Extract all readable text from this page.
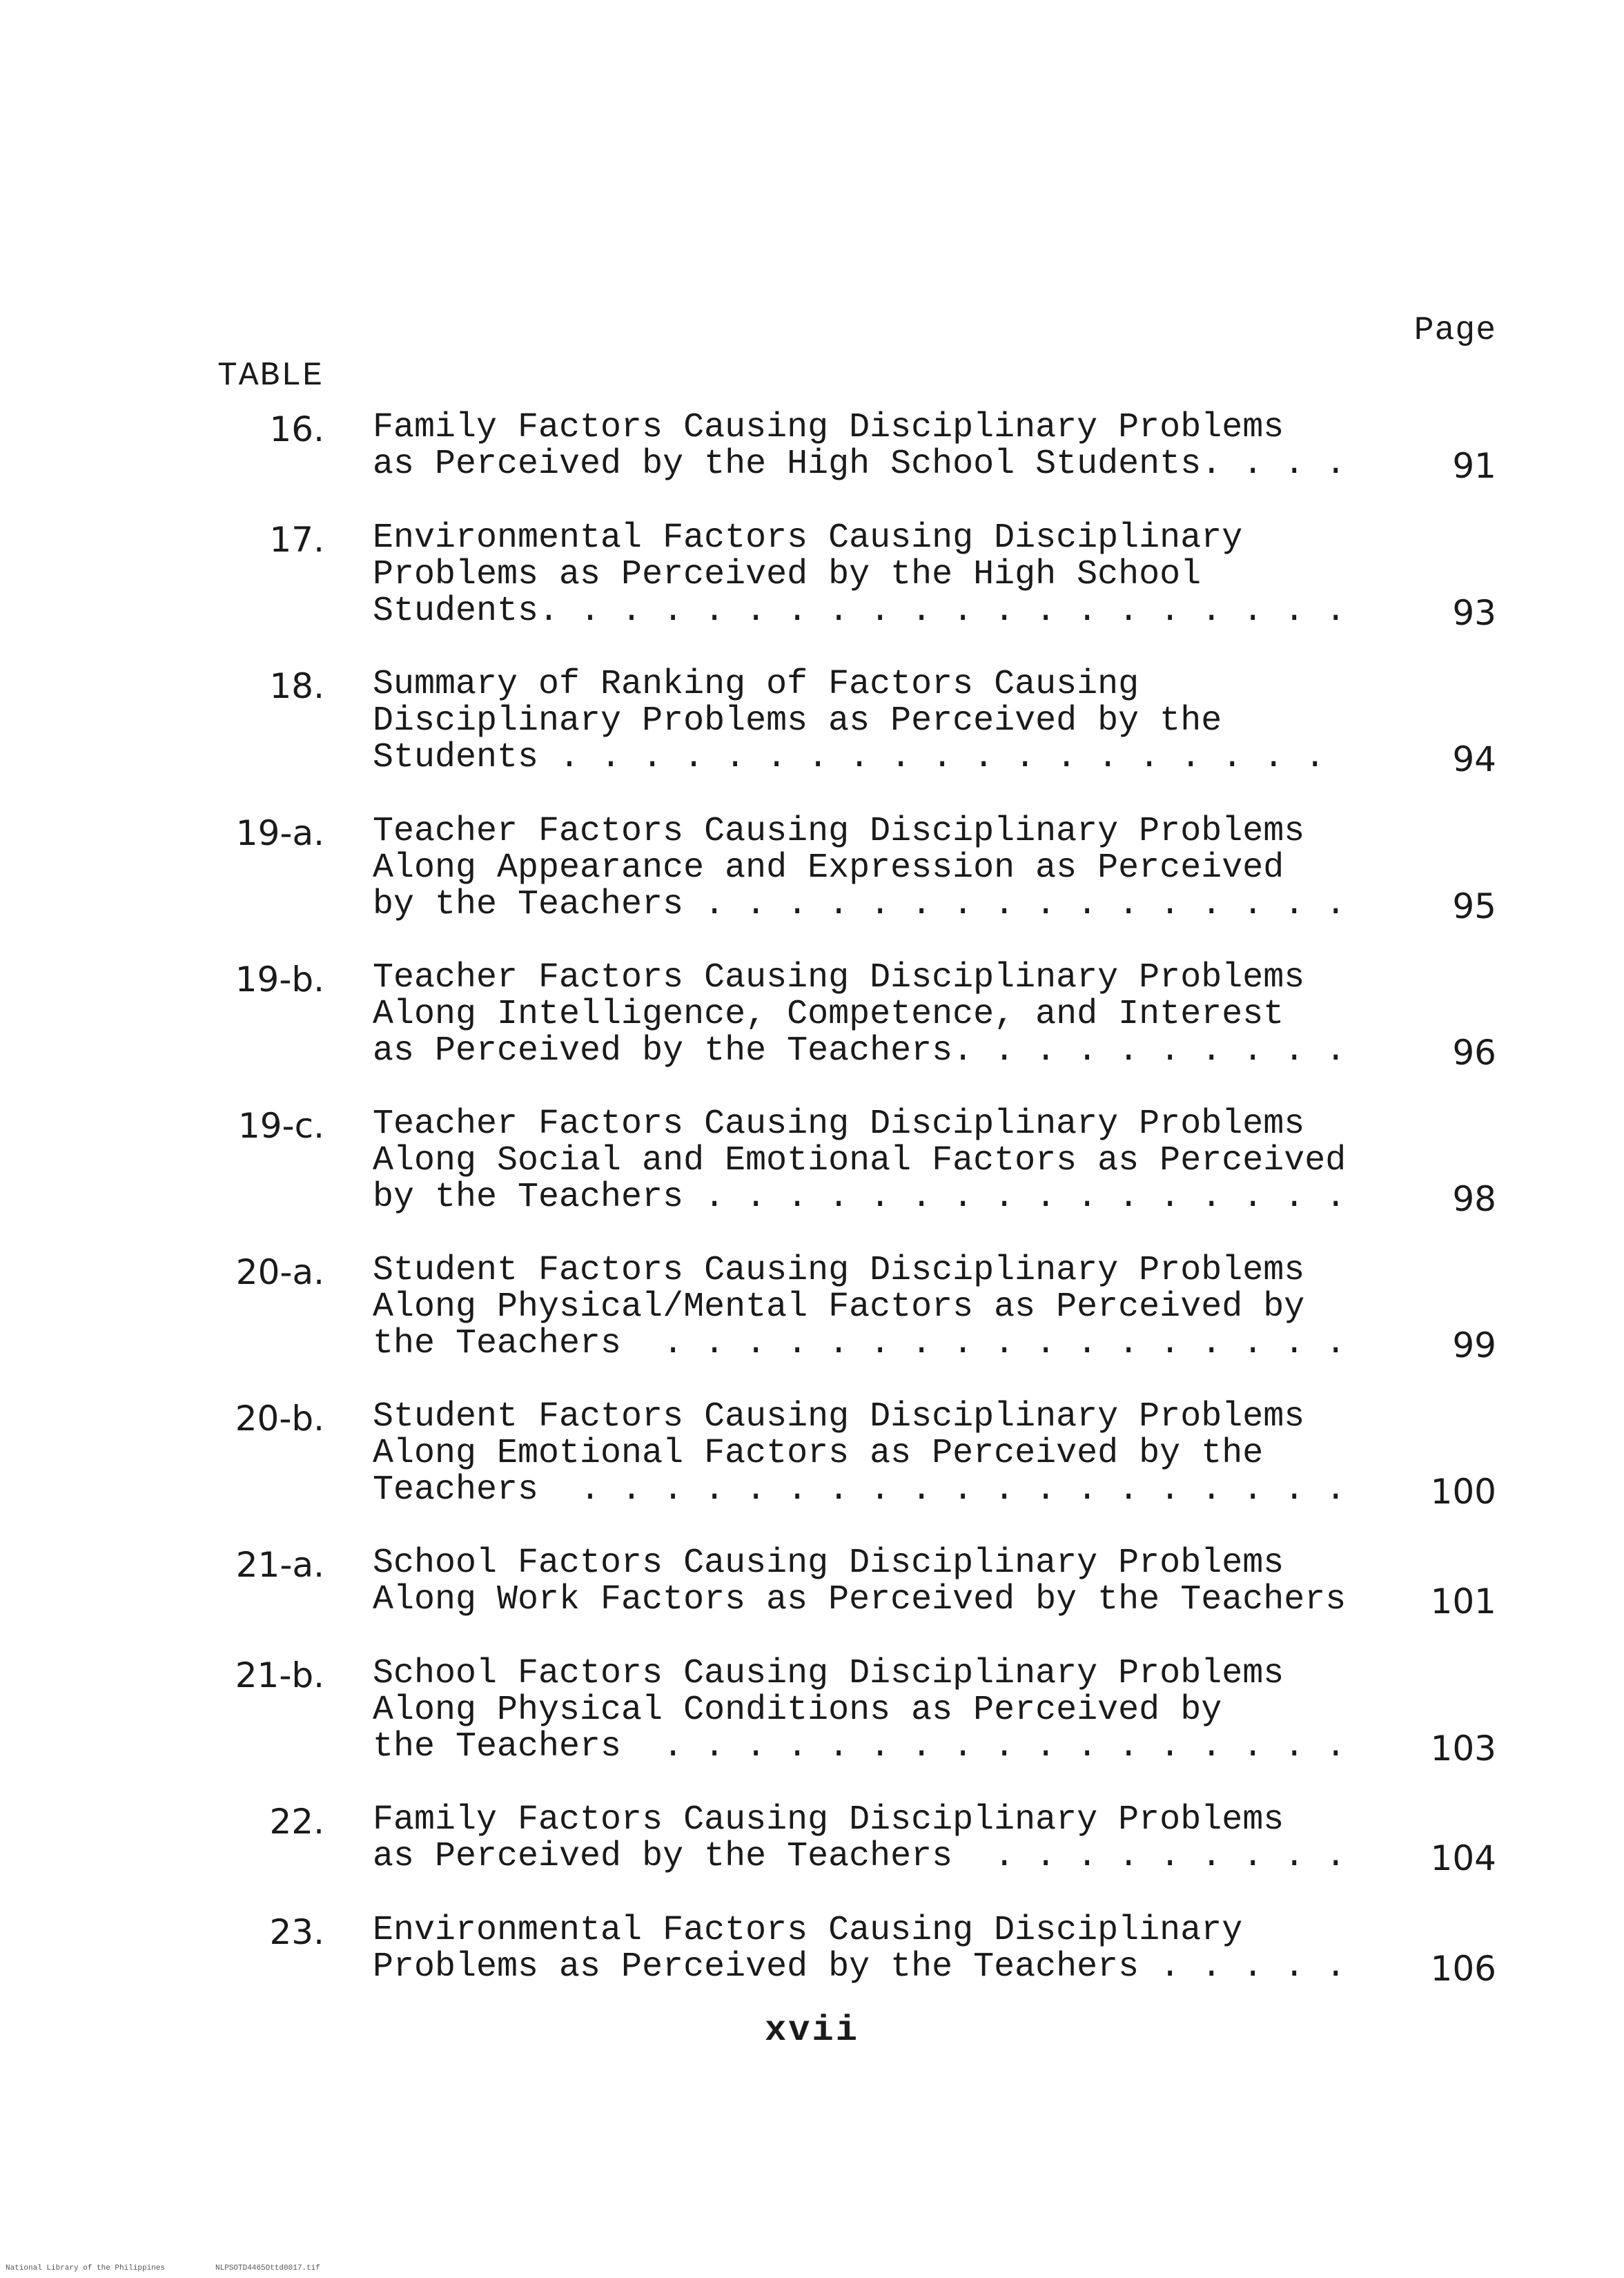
Page
TABLE
16. Family Factors Causing Disciplinary Problems
as Perceived by the High School Students. . . .	91
17. Environmental Factors Causing Disciplinary
Problems as Perceived by the High School
Students. . . . . . . . . . . . . . . . . . . .	93
18. Summary of Ranking of Factors Causing
Disciplinary Problems as Perceived by the
Students . . . . . . . . . . . . . . . . . . .	94
19-a. Teacher Factors Causing Disciplinary Problems
Along Appearance and Expression as Perceived
by the Teachers . . . . . . . . . . . . . . . .	95
19-b. Teacher Factors Causing Disciplinary Problems
Along Intelligence, Competence, and Interest
as Perceived by the Teachers. . . . . . . . . .	96
19-c. Teacher Factors Causing Disciplinary Problems
Along Social and Emotional Factors as Perceived
by the Teachers . . . . . . . . . . . . . . . .	98
20-a. Student Factors Causing Disciplinary Problems
Along Physical/Mental Factors as Perceived by
the Teachers  . . . . . . . . . . . . . . . . .	99
20-b. Student Factors Causing Disciplinary Problems
Along Emotional Factors as Perceived by the
Teachers  . . . . . . . . . . . . . . . . . . .	100
21-a. School Factors Causing Disciplinary Problems
Along Work Factors as Perceived by the Teachers	101
21-b. School Factors Causing Disciplinary Problems
Along Physical Conditions as Perceived by
the Teachers  . . . . . . . . . . . . . . . . .	103
22. Family Factors Causing Disciplinary Problems
as Perceived by the Teachers  . . . . . . . . .	104
23. Environmental Factors Causing Disciplinary
Problems as Perceived by the Teachers . . . . .	106
xvii
National Library of the Philippines	NLPSOTD4465Ottd0017.tif
